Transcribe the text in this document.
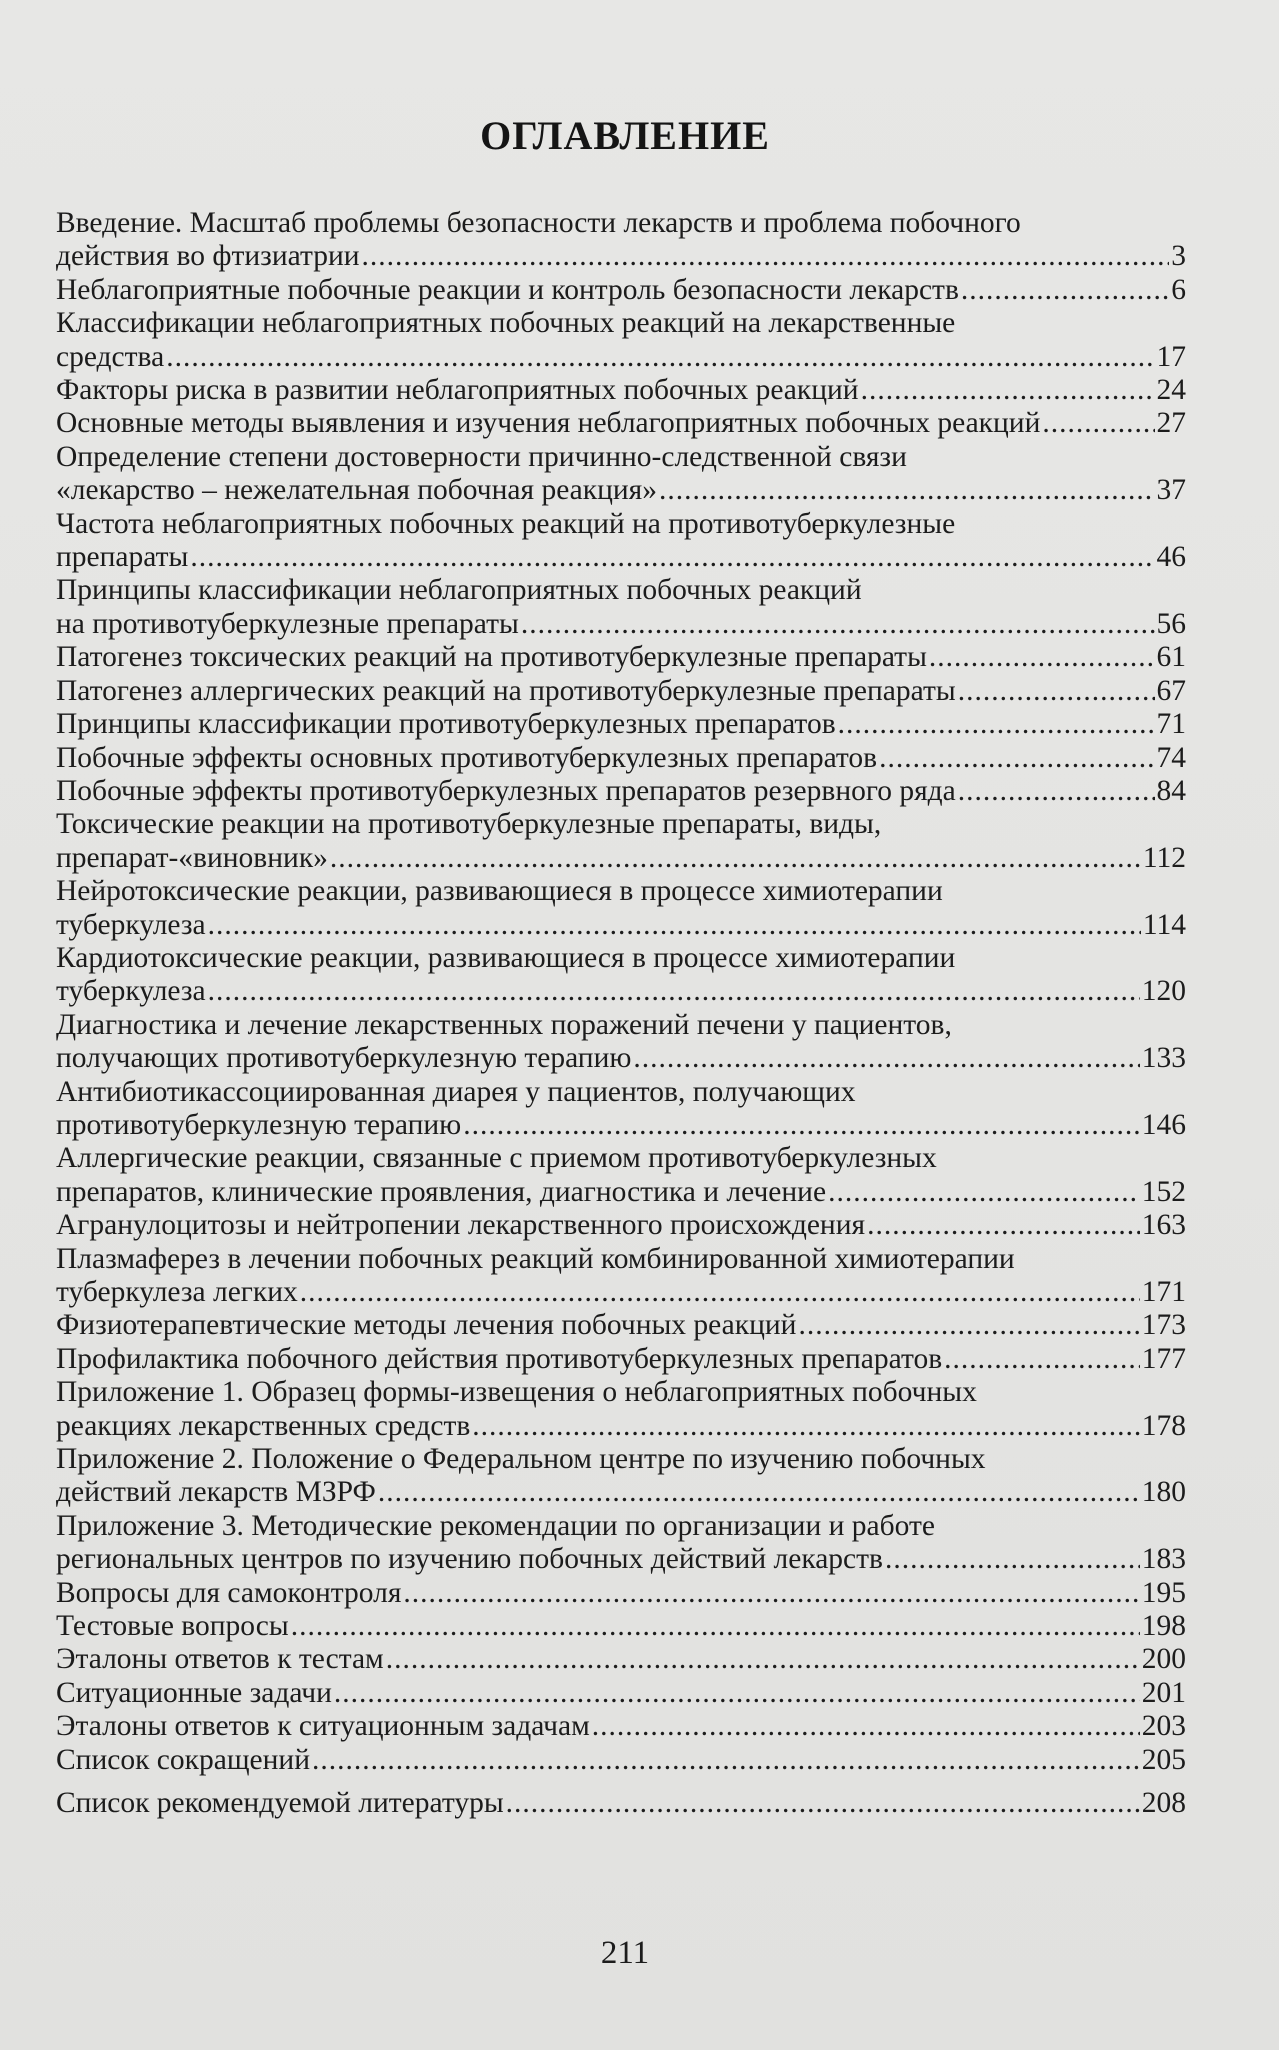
ОГЛАВЛЕНИЕ
Введение. Масштаб проблемы безопасности лекарств и проблема побочного
действия во фтизиатрии .....	3
Неблагоприятные побочные реакции и контроль безопасности лекарств .....	6
Классификации неблагоприятных побочных реакций на лекарственные
средства .....	17
Факторы риска в развитии неблагоприятных побочных реакций .....	24
Основные методы выявления и изучения неблагоприятных побочных реакций .....	27
Определение степени достоверности причинно-следственной связи
«лекарство – нежелательная побочная реакция» .....	37
Частота неблагоприятных побочных реакций на противотуберкулезные
препараты .....	46
Принципы классификации неблагоприятных побочных реакций
на противотуберкулезные препараты .....	56
Патогенез токсических реакций на противотуберкулезные препараты .....	61
Патогенез аллергических реакций на противотуберкулезные препараты .....	67
Принципы классификации противотуберкулезных препаратов .....	71
Побочные эффекты основных противотуберкулезных препаратов .....	74
Побочные эффекты противотуберкулезных препаратов резервного ряда .....	84
Токсические реакции на противотуберкулезные препараты, виды,
препарат-«виновник» .....	112
Нейротоксические реакции, развивающиеся в процессе химиотерапии
туберкулеза .....	114
Кардиотоксические реакции, развивающиеся в процессе химиотерапии
туберкулеза .....	120
Диагностика и лечение лекарственных поражений печени у пациентов,
получающих противотуберкулезную терапию .....	133
Антибиотикассоциированная диарея у пациентов, получающих
противотуберкулезную терапию .....	146
Аллергические реакции, связанные с приемом противотуберкулезных
препаратов, клинические проявления, диагностика и лечение .....	152
Агранулоцитозы и нейтропении лекарственного происхождения .....	163
Плазмаферез в лечении побочных реакций комбинированной химиотерапии
туберкулеза легких .....	171
Физиотерапевтические методы лечения побочных реакций .....	173
Профилактика побочного действия противотуберкулезных препаратов .....	177
Приложение 1. Образец формы-извещения о неблагоприятных побочных
реакциях лекарственных средств .....	178
Приложение 2. Положение о Федеральном центре по изучению побочных
действий лекарств МЗРФ .....	180
Приложение 3. Методические рекомендации по организации и работе
региональных центров по изучению побочных действий лекарств .....	183
Вопросы для самоконтроля .....	195
Тестовые вопросы .....	198
Эталоны ответов к тестам .....	200
Ситуационные задачи .....	201
Эталоны ответов к ситуационным задачам .....	203
Список сокращений .....	205
Список рекомендуемой литературы .....	208
211
